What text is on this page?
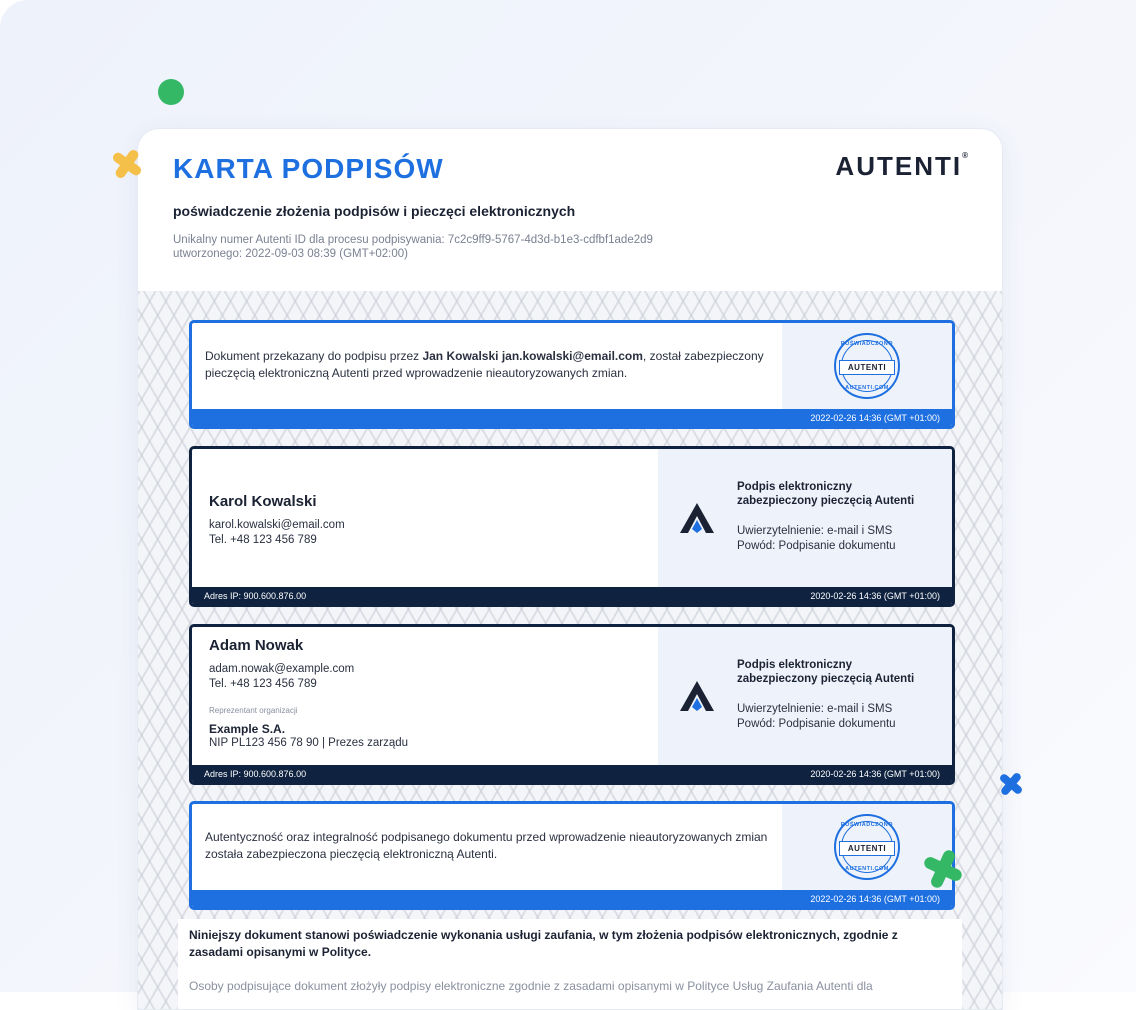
KARTA PODPISÓW	AUTENTI®
poświadczenie złożenia podpisów i pieczęci elektronicznych
Unikalny numer Autenti ID dla procesu podpisywania: 7c2c9ff9-5767-4d3d-b1e3-cdfbf1ade2d9
utworzonego: 2022-09-03 08:39 (GMT+02:00)
Dokument przekazany do podpisu przez Jan Kowalski jan.kowalski@email.com, został zabezpieczony pieczęcią elektroniczną Autenti przed wprowadzenie nieautoryzowanych zmian.
POŚWIADCZONO
AUTENTI
AUTENTI.COM
2022-02-26 14:36 (GMT +01:00)
Karol Kowalski
karol.kowalski@email.com
Tel. +48 123 456 789
Podpis elektroniczny
zabezpieczony pieczęcią Autenti
Uwierzytelnienie: e-mail i SMS
Powód: Podpisanie dokumentu
Adres IP: 900.600.876.00	2020-02-26 14:36 (GMT +01:00)
Adam Nowak
adam.nowak@example.com
Tel. +48 123 456 789
Reprezentant organizacji
Example S.A.
NIP PL123 456 78 90 | Prezes zarządu
Podpis elektroniczny
zabezpieczony pieczęcią Autenti
Uwierzytelnienie: e-mail i SMS
Powód: Podpisanie dokumentu
Adres IP: 900.600.876.00	2020-02-26 14:36 (GMT +01:00)
Autentyczność oraz integralność podpisanego dokumentu przed wprowadzenie nieautoryzowanych zmian została zabezpieczona pieczęcią elektroniczną Autenti.
POŚWIADCZONO
AUTENTI
AUTENTI.COM
2022-02-26 14:36 (GMT +01:00)
Niniejszy dokument stanowi poświadczenie wykonania usługi zaufania, w tym złożenia podpisów elektronicznych, zgodnie z zasadami opisanymi w Polityce.
Osoby podpisujące dokument złożyły podpisy elektroniczne zgodnie z zasadami opisanymi w Polityce Usług Zaufania Autenti dla
